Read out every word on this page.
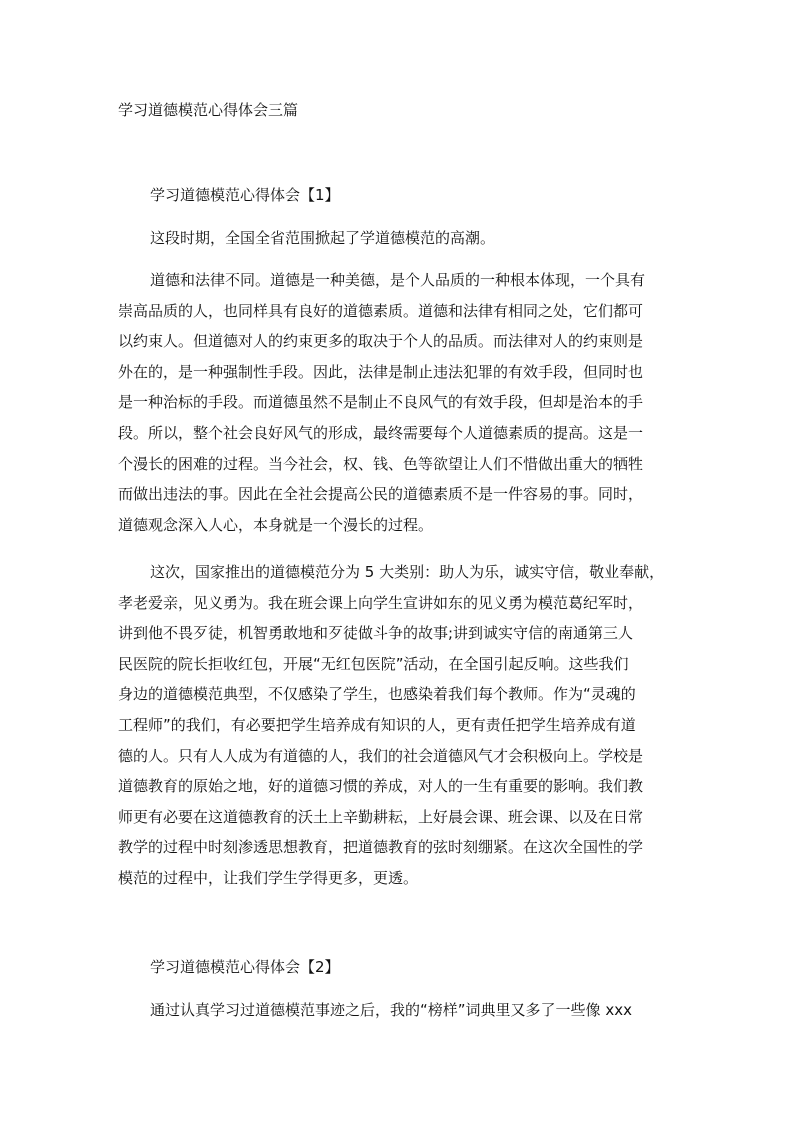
学习道德模范心得体会三篇
学习道德模范心得体会【1】
这段时期，全国全省范围掀起了学道德模范的高潮。
道德和法律不同。道德是一种美德，是个人品质的一种根本体现，一个具有
崇高品质的人，也同样具有良好的道德素质。道德和法律有相同之处，它们都可
以约束人。但道德对人的约束更多的取决于个人的品质。而法律对人的约束则是
外在的，是一种强制性手段。因此，法律是制止违法犯罪的有效手段，但同时也
是一种治标的手段。而道德虽然不是制止不良风气的有效手段，但却是治本的手
段。所以，整个社会良好风气的形成，最终需要每个人道德素质的提高。这是一
个漫长的困难的过程。当今社会，权、钱、色等欲望让人们不惜做出重大的牺牲
而做出违法的事。因此在全社会提高公民的道德素质不是一件容易的事。同时，
道德观念深入人心，本身就是一个漫长的过程。
这次，国家推出的道德模范分为 5 大类别：助人为乐，诚实守信，敬业奉献，
孝老爱亲，见义勇为。我在班会课上向学生宣讲如东的见义勇为模范葛纪军时，
讲到他不畏歹徒，机智勇敢地和歹徒做斗争的故事;讲到诚实守信的南通第三人
民医院的院长拒收红包，开展“无红包医院”活动，在全国引起反响。这些我们
身边的道德模范典型，不仅感染了学生，也感染着我们每个教师。作为“灵魂的
工程师”的我们，有必要把学生培养成有知识的人，更有责任把学生培养成有道
德的人。只有人人成为有道德的人，我们的社会道德风气才会积极向上。学校是
道德教育的原始之地，好的道德习惯的养成，对人的一生有重要的影响。我们教
师更有必要在这道德教育的沃土上辛勤耕耘，上好晨会课、班会课、以及在日常
教学的过程中时刻渗透思想教育，把道德教育的弦时刻绷紧。在这次全国性的学
模范的过程中，让我们学生学得更多，更透。
学习道德模范心得体会【2】
通过认真学习过道德模范事迹之后，我的“榜样”词典里又多了一些像 xxx
